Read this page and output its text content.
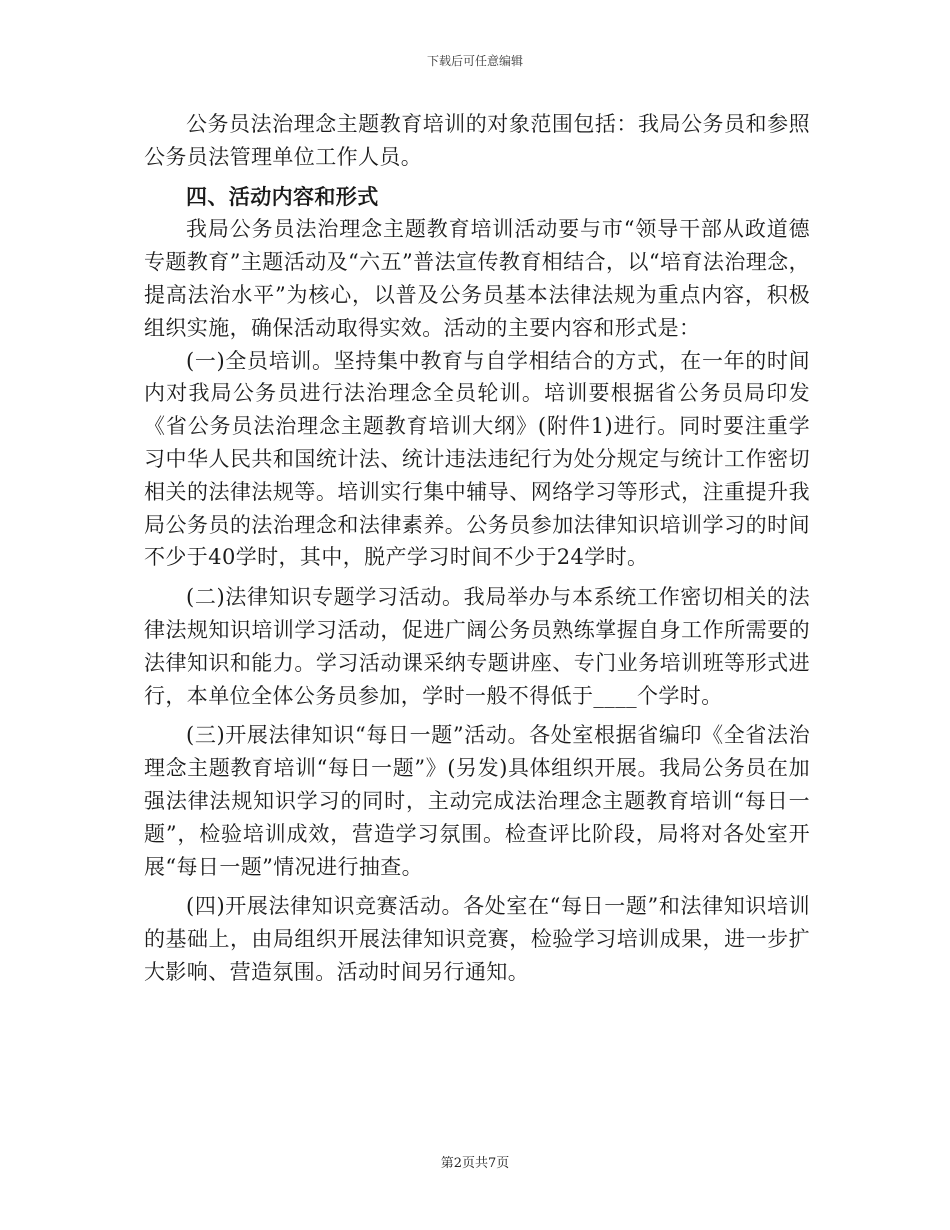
下载后可任意编辑

公务员法治理念主题教育培训的对象范围包括：我局公务员和参照公务员法管理单位工作人员。

四、活动内容和形式

我局公务员法治理念主题教育培训活动要与市“领导干部从政道德专题教育”主题活动及“六五”普法宣传教育相结合，以“培育法治理念，提高法治水平”为核心，以普及公务员基本法律法规为重点内容，积极组织实施，确保活动取得实效。活动的主要内容和形式是：

(一)全员培训。坚持集中教育与自学相结合的方式，在一年的时间内对我局公务员进行法治理念全员轮训。培训要根据省公务员局印发《省公务员法治理念主题教育培训大纲》(附件1)进行。同时要注重学习中华人民共和国统计法、统计违法违纪行为处分规定与统计工作密切相关的法律法规等。培训实行集中辅导、网络学习等形式，注重提升我局公务员的法治理念和法律素养。公务员参加法律知识培训学习的时间不少于40学时，其中，脱产学习时间不少于24学时。

(二)法律知识专题学习活动。我局举办与本系统工作密切相关的法律法规知识培训学习活动，促进广阔公务员熟练掌握自身工作所需要的法律知识和能力。学习活动课采纳专题讲座、专门业务培训班等形式进行，本单位全体公务员参加，学时一般不得低于____个学时。

(三)开展法律知识“每日一题”活动。各处室根据省编印《全省法治理念主题教育培训“每日一题”》(另发)具体组织开展。我局公务员在加强法律法规知识学习的同时，主动完成法治理念主题教育培训“每日一题”，检验培训成效，营造学习氛围。检查评比阶段，局将对各处室开展“每日一题”情况进行抽查。

(四)开展法律知识竞赛活动。各处室在“每日一题”和法律知识培训的基础上，由局组织开展法律知识竞赛，检验学习培训成果，进一步扩大影响、营造氛围。活动时间另行通知。

第2页共7页
